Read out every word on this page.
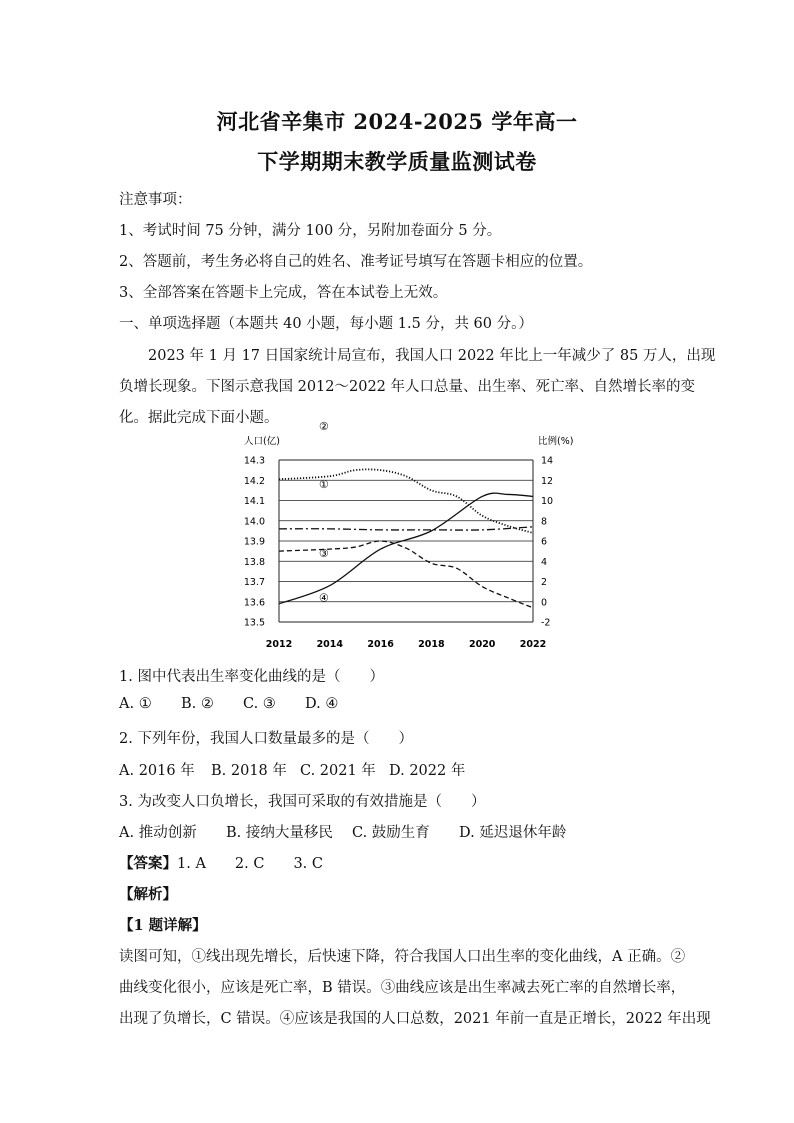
河北省辛集市 2024-2025 学年高一
下学期期末教学质量监测试卷
注意事项：
1、考试时间 75 分钟，满分 100 分，另附加卷面分 5 分。
2、答题前，考生务必将自己的姓名、准考证号填写在答题卡相应的位置。
3、全部答案在答题卡上完成，答在本试卷上无效。
一、单项选择题（本题共 40 小题，每小题 1.5 分，共 60 分。）
2023 年 1 月 17 日国家统计局宣布，我国人口 2022 年比上一年减少了 85 万人，出现
负增长现象。下图示意我国 2012～2022 年人口总量、出生率、死亡率、自然增长率的变
化。据此完成下面小题。
人口(亿)	比例(%)
14.3
14.2
14.1
14.0
13.9
13.8
13.7
13.6
13.5
14
12
10
8
6
4
2
0
-2
2012	2014	2016	2018	2020	2022
①
②
③
④
1. 图中代表出生率变化曲线的是（　　）
A. ① B. ② C. ③ D. ④
2. 下列年份，我国人口数量最多的是（　　）
A. 2016 年 B. 2018 年 C. 2021 年 D. 2022 年
3. 为改变人口负增长，我国可采取的有效措施是（　　）
A. 推动创新 B. 接纳大量移民 C. 鼓励生育 D. 延迟退休年龄
【答案】1. A　　2. C　　3. C
【解析】
【1 题详解】
读图可知，①线出现先增长，后快速下降，符合我国人口出生率的变化曲线，A 正确。②
曲线变化很小，应该是死亡率，B 错误。③曲线应该是出生率减去死亡率的自然增长率，
出现了负增长，C 错误。④应该是我国的人口总数，2021 年前一直是正增长，2022 年出现
